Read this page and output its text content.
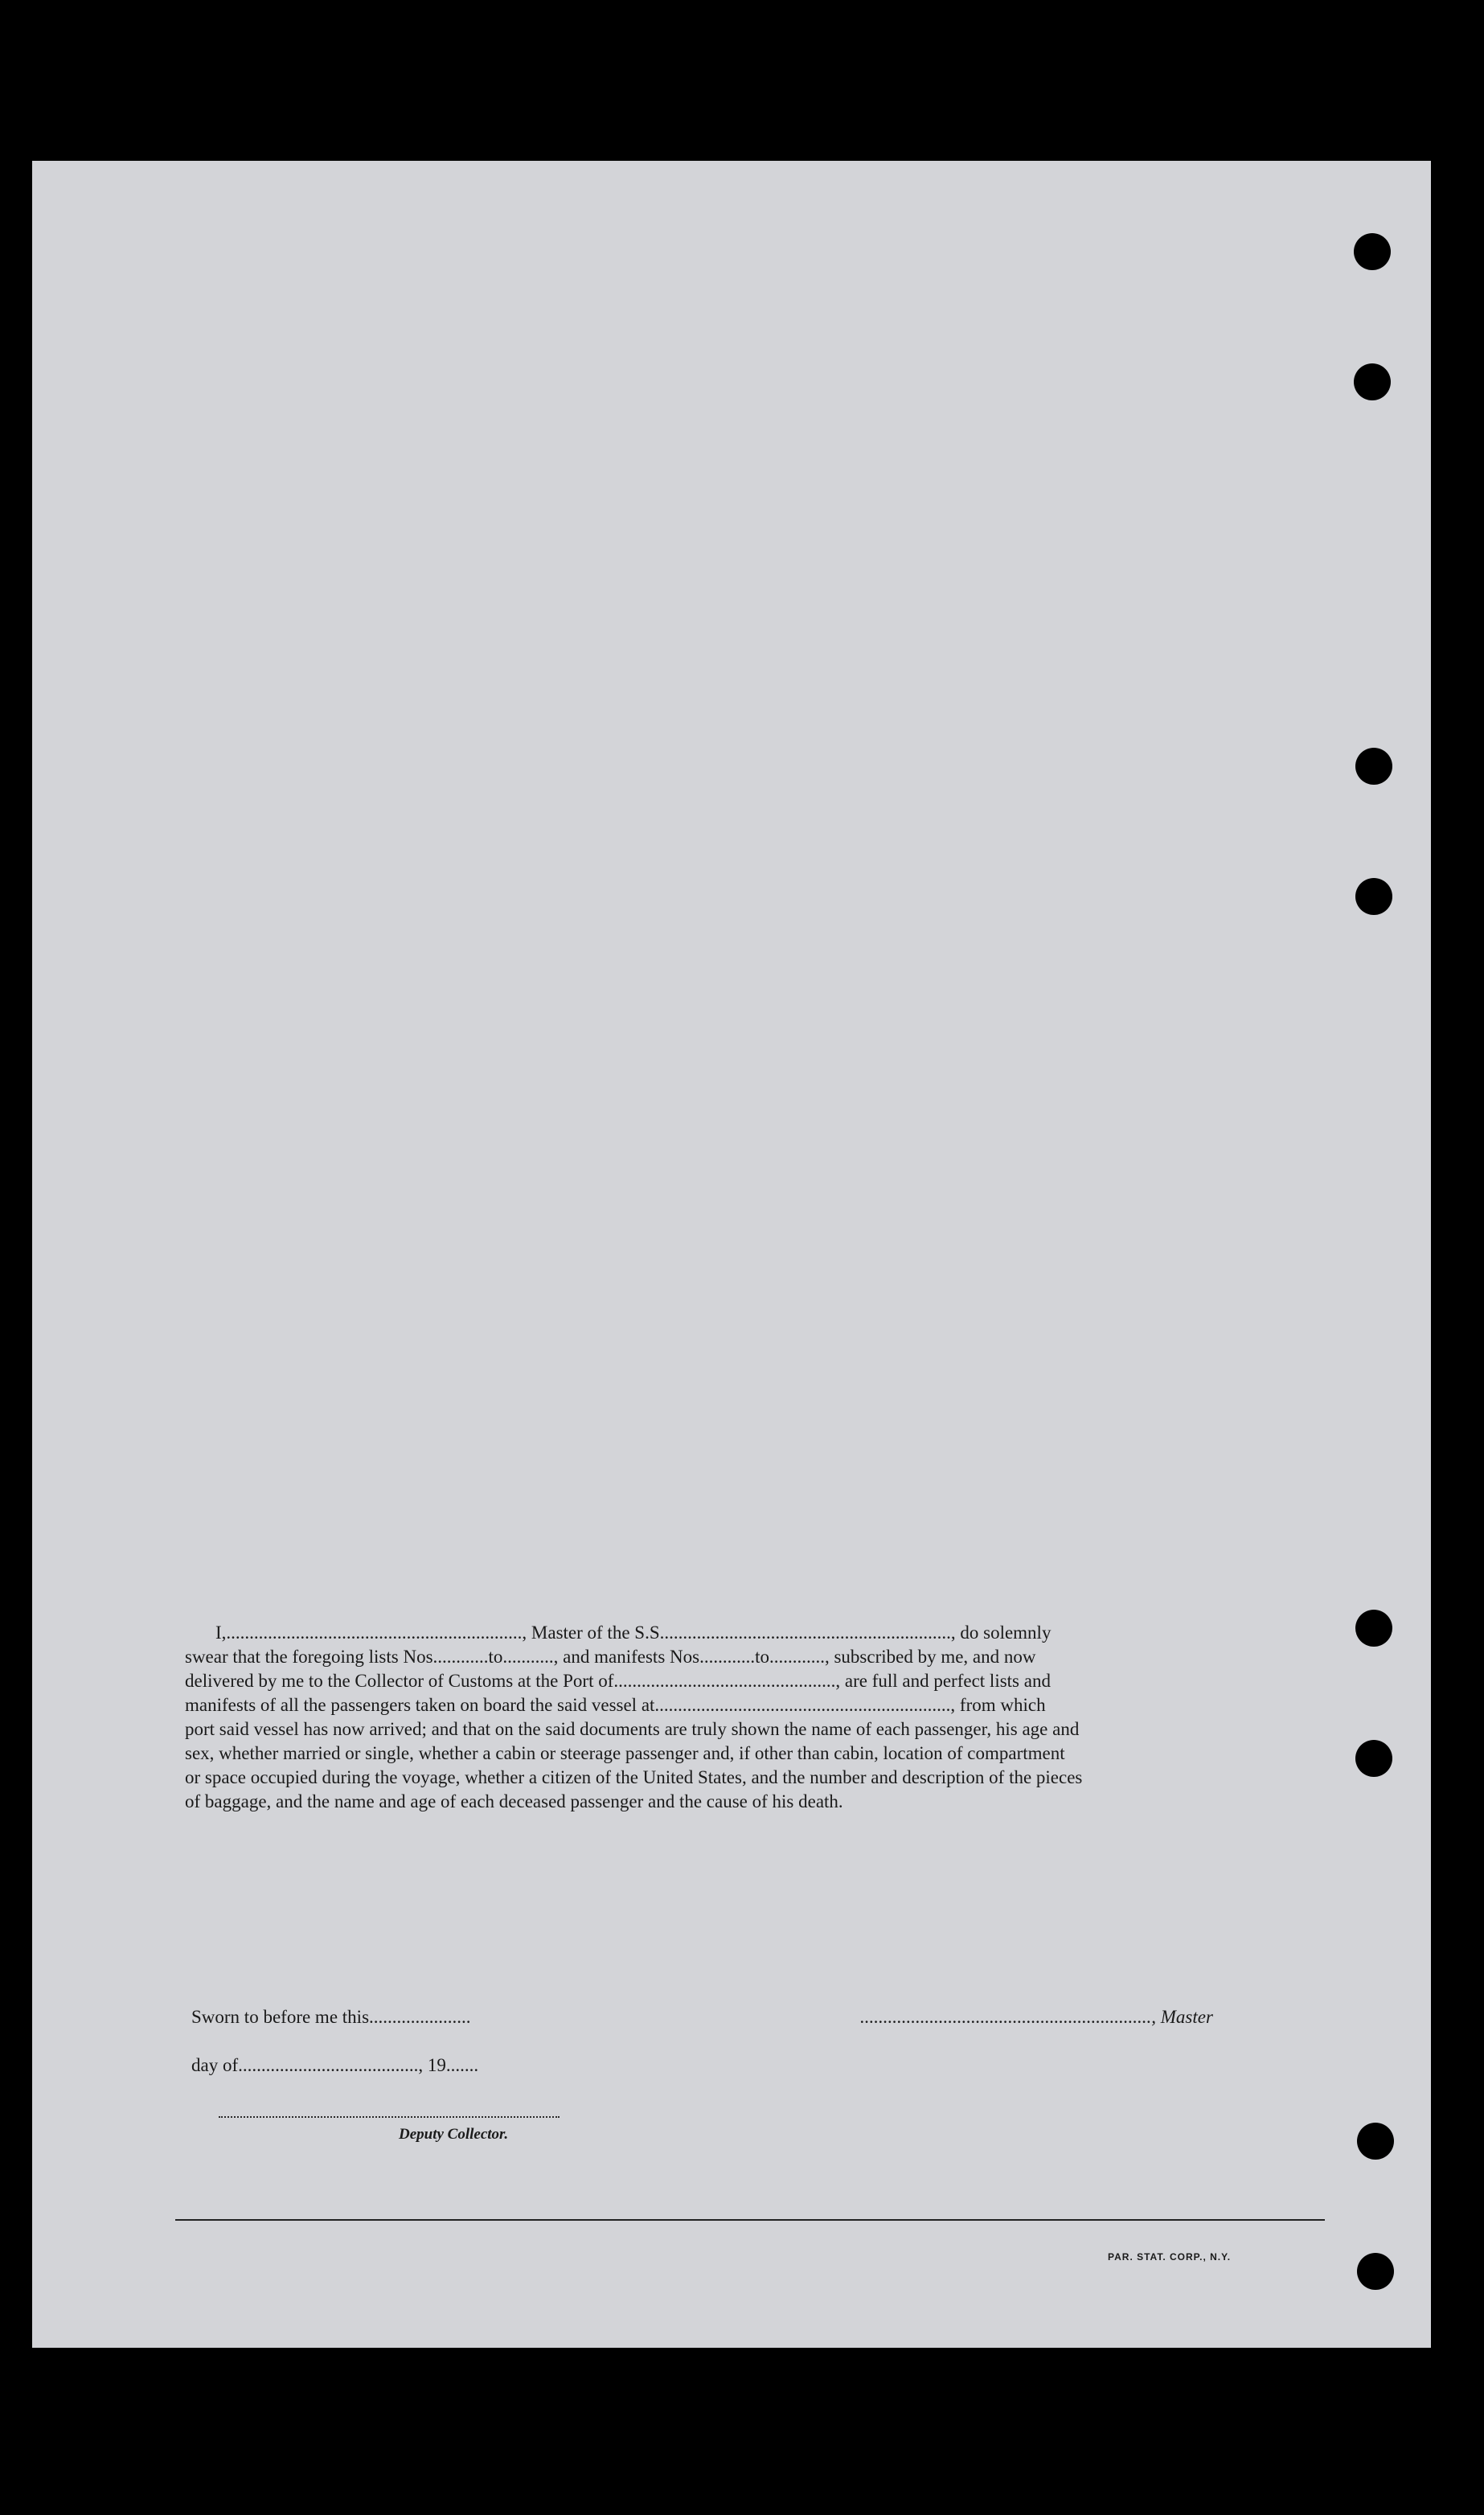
I,................................................................, Master of the S.S..............................................................., do solemnly
swear that the foregoing lists Nos............to..........., and manifests Nos............to............, subscribed by me, and now
delivered by me to the Collector of Customs at the Port of................................................, are full and perfect lists and
manifests of all the passengers taken on board the said vessel at................................................................, from which
port said vessel has now arrived; and that on the said documents are truly shown the name of each passenger, his age and
sex, whether married or single, whether a cabin or steerage passenger and, if other than cabin, location of compartment
or space occupied during the voyage, whether a citizen of the United States, and the number and description of the pieces
of baggage, and the name and age of each deceased passenger and the cause of his death.
Sworn to before me this......................
day of......................................., 19.......
..............................................................., Master
Deputy Collector.
PAR. STAT. CORP., N.Y.
